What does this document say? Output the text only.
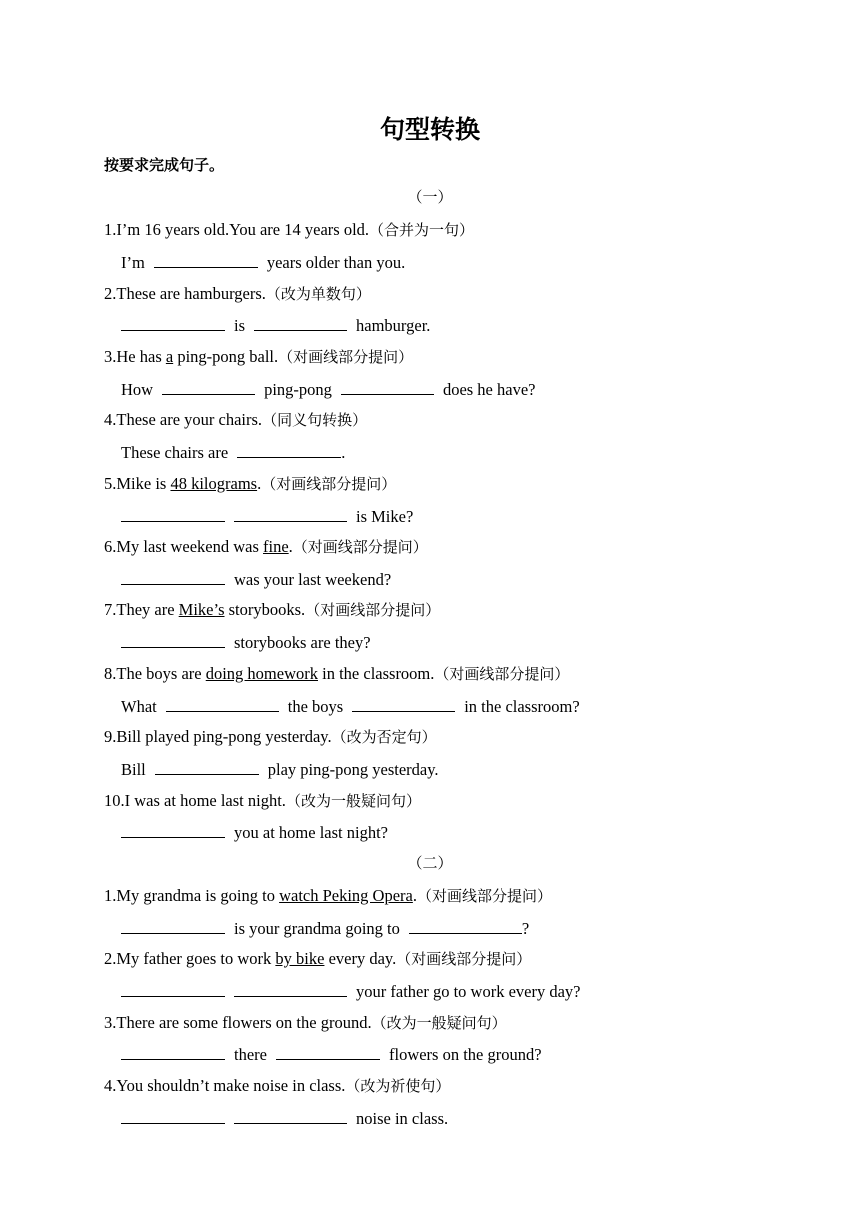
句型转换
按要求完成句子。
（一）
1.I’m 16 years old.You are 14 years old.（合并为一句）
I’m	years older than you.
2.These are hamburgers.（改为单数句）
is	hamburger.
3.He has a ping-pong ball.（对画线部分提问）
How	ping-pong	does he have?
4.These are your chairs.（同义句转换）
These chairs are	.
5.Mike is 48 kilograms.（对画线部分提问）
is Mike?
6.My last weekend was fine.（对画线部分提问）
was your last weekend?
7.They are Mike’s storybooks.（对画线部分提问）
storybooks are they?
8.The boys are doing homework in the classroom.（对画线部分提问）
What	the boys	in the classroom?
9.Bill played ping-pong yesterday.（改为否定句）
Bill	play ping-pong yesterday.
10.I was at home last night.（改为一般疑问句）
you at home last night?
（二）
1.My grandma is going to watch Peking Opera.（对画线部分提问）
is your grandma going to	?
2.My father goes to work by bike every day.（对画线部分提问）
your father go to work every day?
3.There are some flowers on the ground.（改为一般疑问句）
there	flowers on the ground?
4.You shouldn’t make noise in class.（改为祈使句）
noise in class.
